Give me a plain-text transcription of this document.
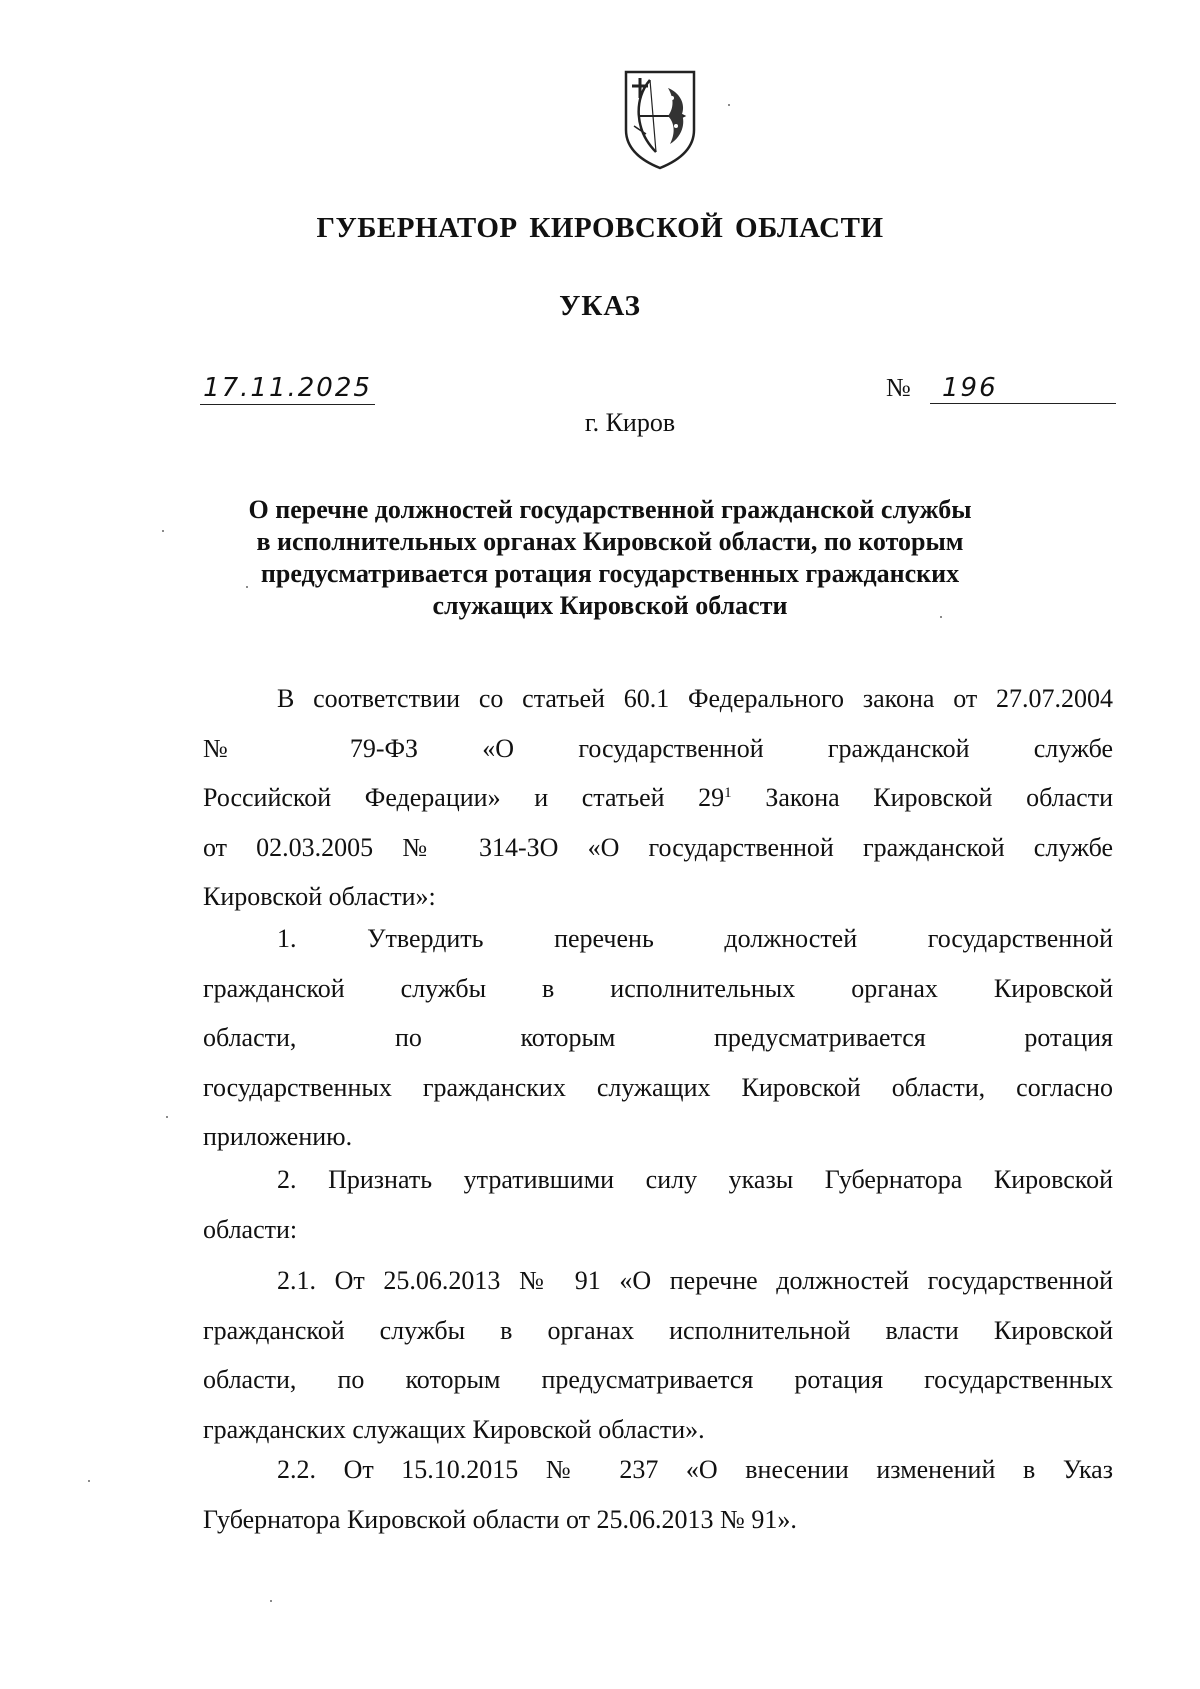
ГУБЕРНАТОР КИРОВСКОЙ ОБЛАСТИ
УКАЗ
17.11.2025	№	196
г. Киров
О перечне должностей государственной гражданской службы
в исполнительных органах Кировской области, по которым
предусматривается ротация государственных гражданских
служащих Кировской области

В соответствии со статьей 60.1 Федерального закона от 27.07.2004
№ 79-ФЗ «О государственной гражданской службе
Российской Федерации» и статьей $29^1$ Закона Кировской области
от 02.03.2005 № 314-ЗО «О государственной гражданской службе
Кировской области»:

1. Утвердить перечень должностей государственной
гражданской службы в исполнительных органах Кировской
области, по которым предусматривается ротация
государственных гражданских служащих Кировской области, согласно
приложению.

2. Признать утратившими силу указы Губернатора Кировской
области:

2.1. От 25.06.2013 № 91 «О перечне должностей государственной
гражданской службы в органах исполнительной власти Кировской
области, по которым предусматривается ротация государственных
гражданских служащих Кировской области».

2.2. От 15.10.2015 № 237 «О внесении изменений в Указ
Губернатора Кировской области от 25.06.2013 № 91».
